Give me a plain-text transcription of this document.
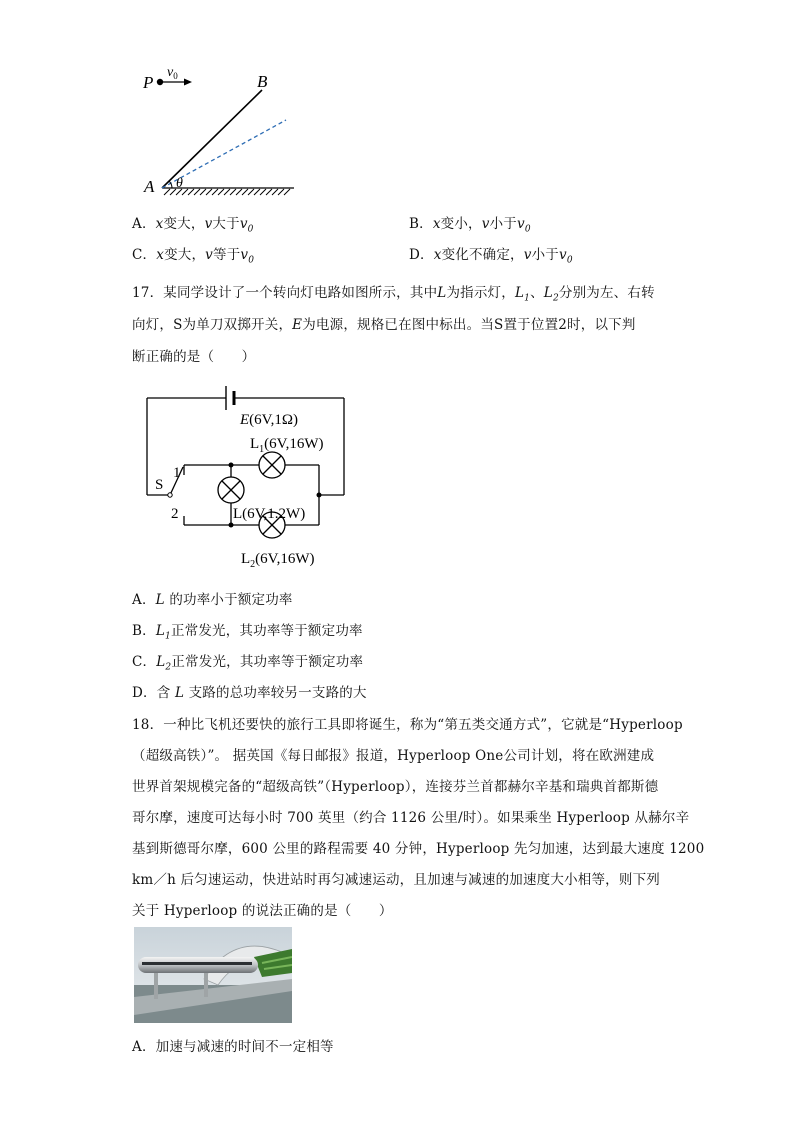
P
$v_0$	B
A θ
A．x变大，v大于$v_0$	B．x变小，v小于$v_0$
C．x变大，v等于$v_0$	D．x变化不确定，v小于$v_0$
17．某同学设计了一个转向灯电路如图所示，其中L为指示灯，$L_1$、$L_2$分别为左、右转
向灯，S为单刀双掷开关，E为电源，规格已在图中标出。当S置于位置2时，以下判
断正确的是（　　）
E(6V,1Ω)
$L_1(6V,16W)$
L(6V,1.2W)
$L_2(6V,16W)$
S
1
2
A．L 的功率小于额定功率
B．$L_1$正常发光，其功率等于额定功率
C．$L_2$正常发光，其功率等于额定功率
D．含 L 支路的总功率较另一支路的大
18．一种比飞机还要快的旅行工具即将诞生，称为“第五类交通方式”，它就是“Hyperloop
（超级高铁）”。 据英国《每日邮报》报道，Hyperloop One公司计划，将在欧洲建成
世界首架规模完备的“超级高铁”（Hyperloop），连接芬兰首都赫尔辛基和瑞典首都斯德
哥尔摩，速度可达每小时 700 英里（约合 1126 公里/时）。如果乘坐 Hyperloop 从赫尔辛
基到斯德哥尔摩，600 公里的路程需要 40 分钟，Hyperloop 先匀加速，达到最大速度 1200
km／h 后匀速运动，快进站时再匀减速运动，且加速与减速的加速度大小相等，则下列
关于 Hyperloop 的说法正确的是（　　）
A．加速与减速的时间不一定相等
